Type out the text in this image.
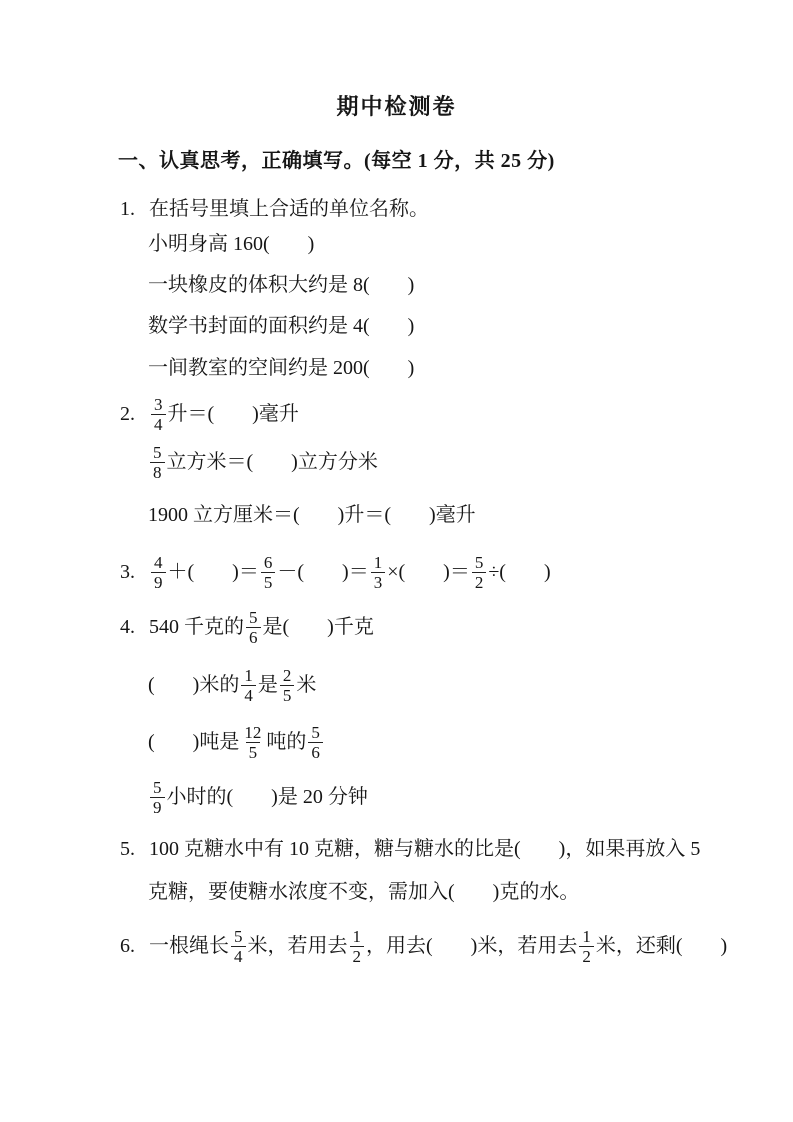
期中检测卷
一、认真思考，正确填写。(每空 1 分，共 25 分)
1. 在括号里填上合适的单位名称。
小明身高 160 ( )
一块橡皮的体积大约是 8 ( )
数学书封面的面积约是 4 ( )
一间教室的空间约是 200 ( )
2. $\frac{3}{4}$ 升＝ ( ) 毫升
$\frac{5}{8}$ 立方米＝ ( ) 立方分米
1900 立方厘米＝ ( ) 升＝ ( ) 毫升
3. $\frac{4}{9}$ ＋ ( ) ＝ $\frac{6}{5}$ － ( ) ＝ $\frac{1}{3}$ × ( ) ＝ $\frac{5}{2}$ ÷ ( )
4. 540 千克的 $\frac{5}{6}$ 是 ( ) 千克
( ) 米的 $\frac{1}{4}$ 是 $\frac{2}{5}$ 米
( ) 吨是 $\frac{12}{5}$ 吨的 $\frac{5}{6}$
$\frac{5}{9}$ 小时的 ( ) 是 20 分钟
5. 100 克糖水中有 10 克糖，糖与糖水的比是 ( ) ，如果再放入 5
克糖，要使糖水浓度不变，需加入 ( ) 克的水。
6. 一根绳长 $\frac{5}{4}$ 米，若用去 $\frac{1}{2}$ ，用去 ( ) 米，若用去 $\frac{1}{2}$ 米，还剩 ( )
